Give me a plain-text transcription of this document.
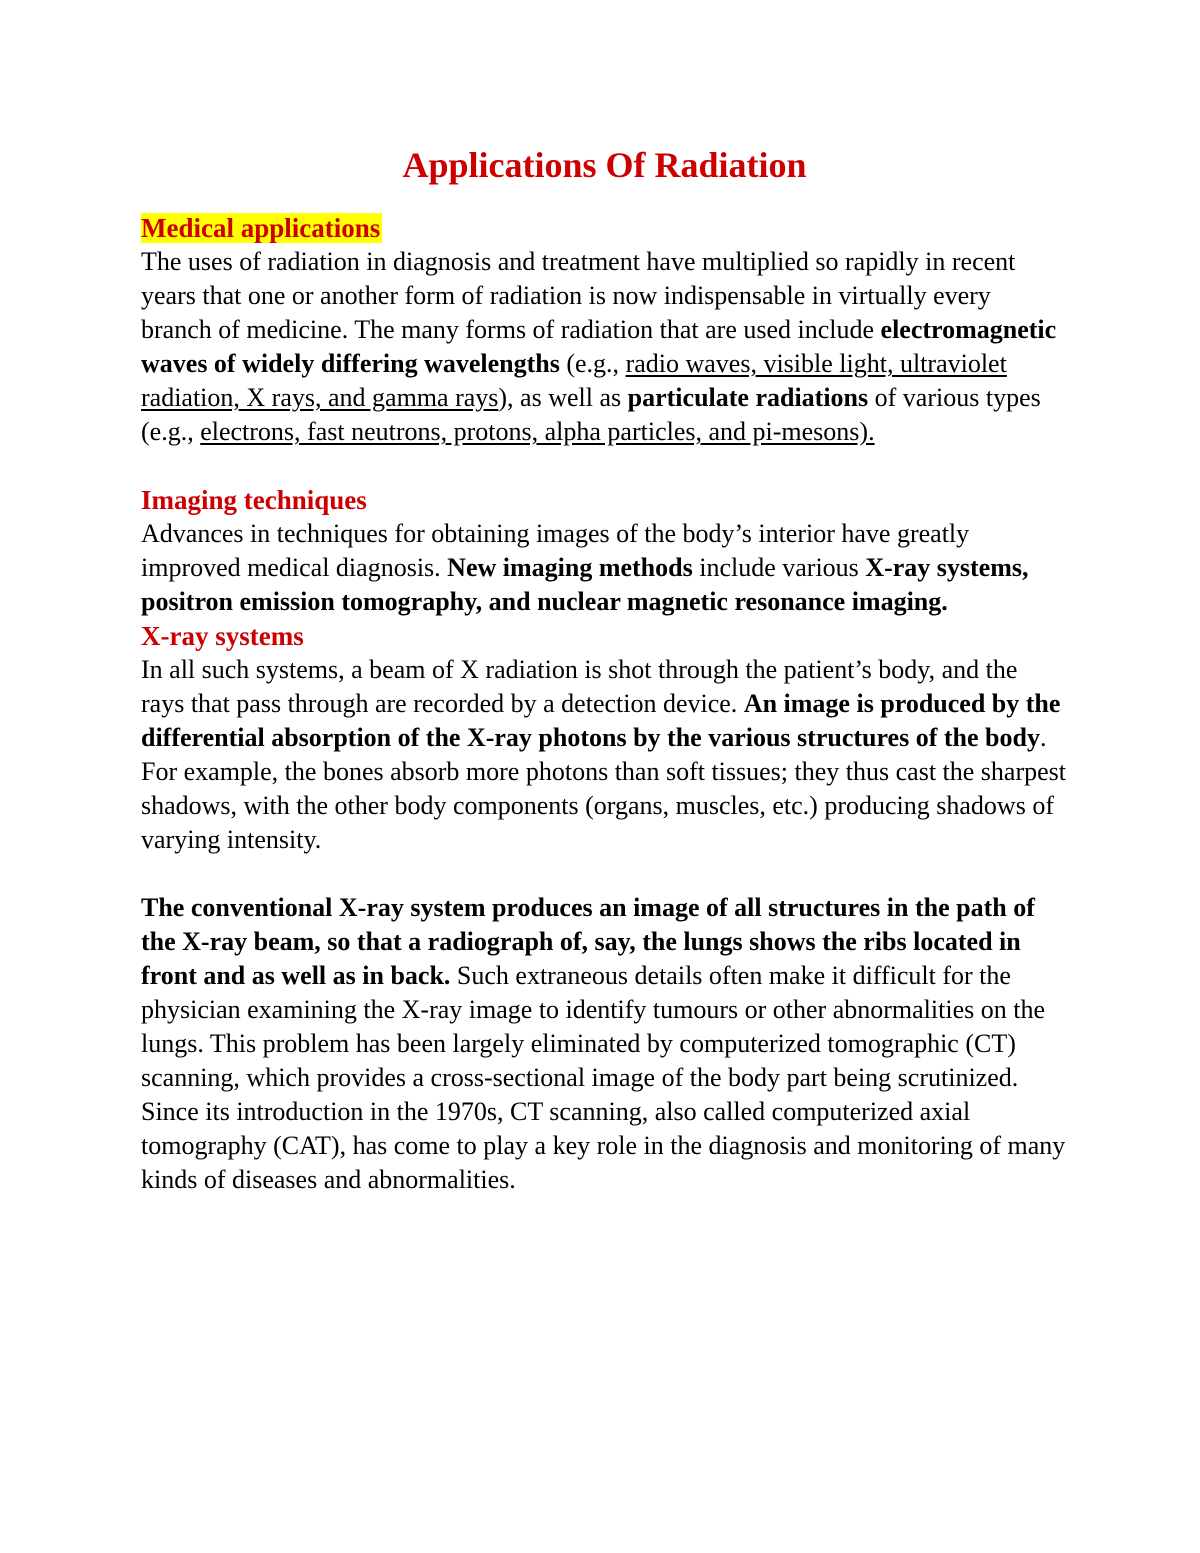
Applications Of Radiation
Medical applications

The uses of radiation in diagnosis and treatment have multiplied so rapidly in recent years that one or another form of radiation is now indispensable in virtually every branch of medicine. The many forms of radiation that are used include electromagnetic waves of widely differing wavelengths (e.g., radio waves, visible light, ultraviolet radiation, X rays, and gamma rays), as well as particulate radiations of various types (e.g., electrons, fast neutrons, protons, alpha particles, and pi-mesons).

Imaging techniques

Advances in techniques for obtaining images of the body’s interior have greatly improved medical diagnosis. New imaging methods include various X-ray systems, positron emission tomography, and nuclear magnetic resonance imaging.

X-ray systems

In all such systems, a beam of X radiation is shot through the patient’s body, and the rays that pass through are recorded by a detection device. An image is produced by the differential absorption of the X-ray photons by the various structures of the body. For example, the bones absorb more photons than soft tissues; they thus cast the sharpest shadows, with the other body components (organs, muscles, etc.) producing shadows of varying intensity.

The conventional X-ray system produces an image of all structures in the path of the X-ray beam, so that a radiograph of, say, the lungs shows the ribs located in front and as well as in back. Such extraneous details often make it difficult for the physician examining the X-ray image to identify tumours or other abnormalities on the lungs. This problem has been largely eliminated by computerized tomographic (CT) scanning, which provides a cross-sectional image of the body part being scrutinized. Since its introduction in the 1970s, CT scanning, also called computerized axial tomography (CAT), has come to play a key role in the diagnosis and monitoring of many kinds of diseases and abnormalities.
